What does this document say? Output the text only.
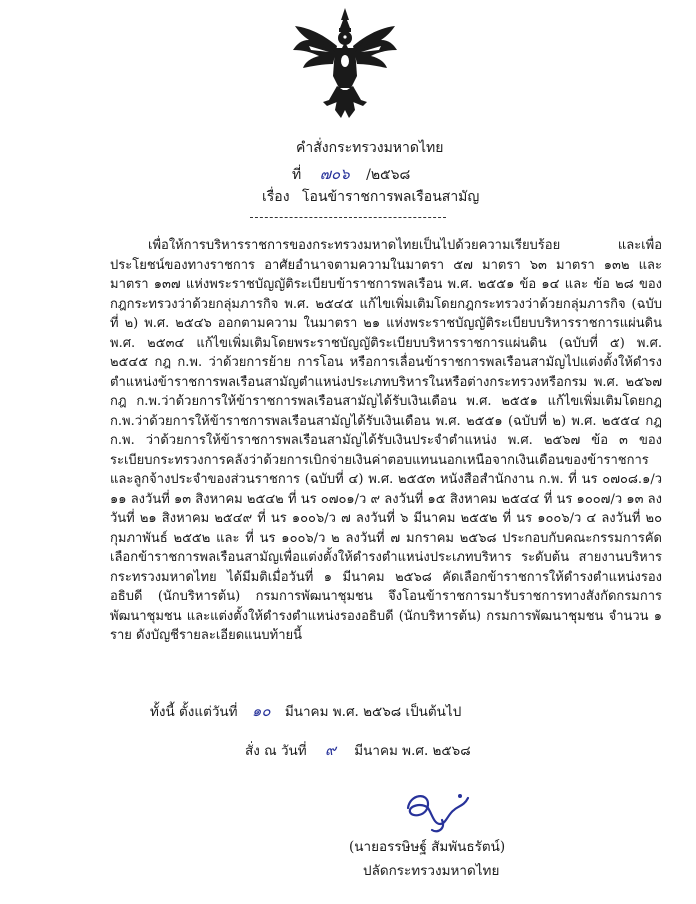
คำสั่งกระทรวงมหาดไทย
ที่ ๗๐๖ /๒๕๖๘
เรื่อง โอนข้าราชการพลเรือนสามัญ
เพื่อให้การบริหารราชการของกระทรวงมหาดไทยเป็นไปด้วยความเรียบร้อย และเพื่อประโยชน์ของทางราชการ อาศัยอำนาจตามความในมาตรา ๕๗ มาตรา ๖๓ มาตรา ๑๓๒ และมาตรา ๑๓๗ แห่งพระราชบัญญัติระเบียบข้าราชการพลเรือน พ.ศ. ๒๕๕๑ ข้อ ๑๔ และ ข้อ ๒๘ ของกฎกระทรวงว่าด้วยกลุ่มภารกิจ พ.ศ. ๒๕๔๕ แก้ไขเพิ่มเติมโดยกฎกระทรวงว่าด้วยกลุ่มภารกิจ (ฉบับที่ ๒) พ.ศ. ๒๕๔๖ ออกตามความ ในมาตรา ๒๑ แห่งพระราชบัญญัติระเบียบบริหารราชการแผ่นดิน พ.ศ. ๒๕๓๔ แก้ไขเพิ่มเติมโดยพระราชบัญญัติระเบียบบริหารราชการแผ่นดิน (ฉบับที่ ๕) พ.ศ. ๒๕๔๕ กฎ ก.พ. ว่าด้วยการย้าย การโอน หรือการเลื่อนข้าราชการพลเรือนสามัญไปแต่งตั้งให้ดำรงตำแหน่งข้าราชการพลเรือนสามัญตำแหน่งประเภทบริหารในหรือต่างกระทรวงหรือกรม พ.ศ. ๒๕๖๗ กฎ ก.พ.ว่าด้วยการให้ข้าราชการพลเรือนสามัญได้รับเงินเดือน พ.ศ. ๒๕๕๑ แก้ไขเพิ่มเติมโดยกฎ ก.พ.ว่าด้วยการให้ข้าราชการพลเรือนสามัญได้รับเงินเดือน พ.ศ. ๒๕๕๑ (ฉบับที่ ๒) พ.ศ. ๒๕๕๔ กฎ ก.พ. ว่าด้วยการให้ข้าราชการพลเรือนสามัญได้รับเงินประจำตำแหน่ง พ.ศ. ๒๕๖๗ ข้อ ๓ ของระเบียบกระทรวงการคลังว่าด้วยการเบิกจ่ายเงินค่าตอบแทนนอกเหนือจากเงินเดือนของข้าราชการและลูกจ้างประจำของส่วนราชการ (ฉบับที่ ๔) พ.ศ. ๒๕๕๓ หนังสือสำนักงาน ก.พ. ที่ นร ๐๗๐๘.๑/ว ๑๑ ลงวันที่ ๑๓ สิงหาคม ๒๕๔๒ ที่ นร ๐๗๐๑/ว ๙ ลงวันที่ ๑๕ สิงหาคม ๒๕๔๔ ที่ นร ๑๐๐๗/ว ๑๓ ลงวันที่ ๒๑ สิงหาคม ๒๕๔๙ ที่ นร ๑๐๐๖/ว ๗ ลงวันที่ ๖ มีนาคม ๒๕๕๒ ที่ นร ๑๐๐๖/ว ๔ ลงวันที่ ๒๐ กุมภาพันธ์ ๒๕๕๒ และ ที่ นร ๑๐๐๖/ว ๒ ลงวันที่ ๗ มกราคม ๒๕๖๘ ประกอบกับคณะกรรมการคัดเลือกข้าราชการพลเรือนสามัญเพื่อแต่งตั้งให้ดำรงตำแหน่งประเภทบริหาร ระดับต้น สายงานบริหาร กระทรวงมหาดไทย ได้มีมติเมื่อวันที่ ๑ มีนาคม ๒๕๖๘ คัดเลือกข้าราชการให้ดำรงตำแหน่งรองอธิบดี (นักบริหารต้น) กรมการพัฒนาชุมชน จึงโอนข้าราชการมารับราชการทางสังกัดกรมการพัฒนาชุมชน และแต่งตั้งให้ดำรงตำแหน่งรองอธิบดี (นักบริหารต้น) กรมการพัฒนาชุมชน จำนวน ๑ ราย ดังบัญชีรายละเอียดแนบท้ายนี้
ทั้งนี้ ตั้งแต่วันที่ ๑๐ มีนาคม พ.ศ. ๒๕๖๘ เป็นต้นไป
สั่ง ณ วันที่ ๙ มีนาคม พ.ศ. ๒๕๖๘
(นายอรรษิษฐ์ สัมพันธรัตน์)
ปลัดกระทรวงมหาดไทย
